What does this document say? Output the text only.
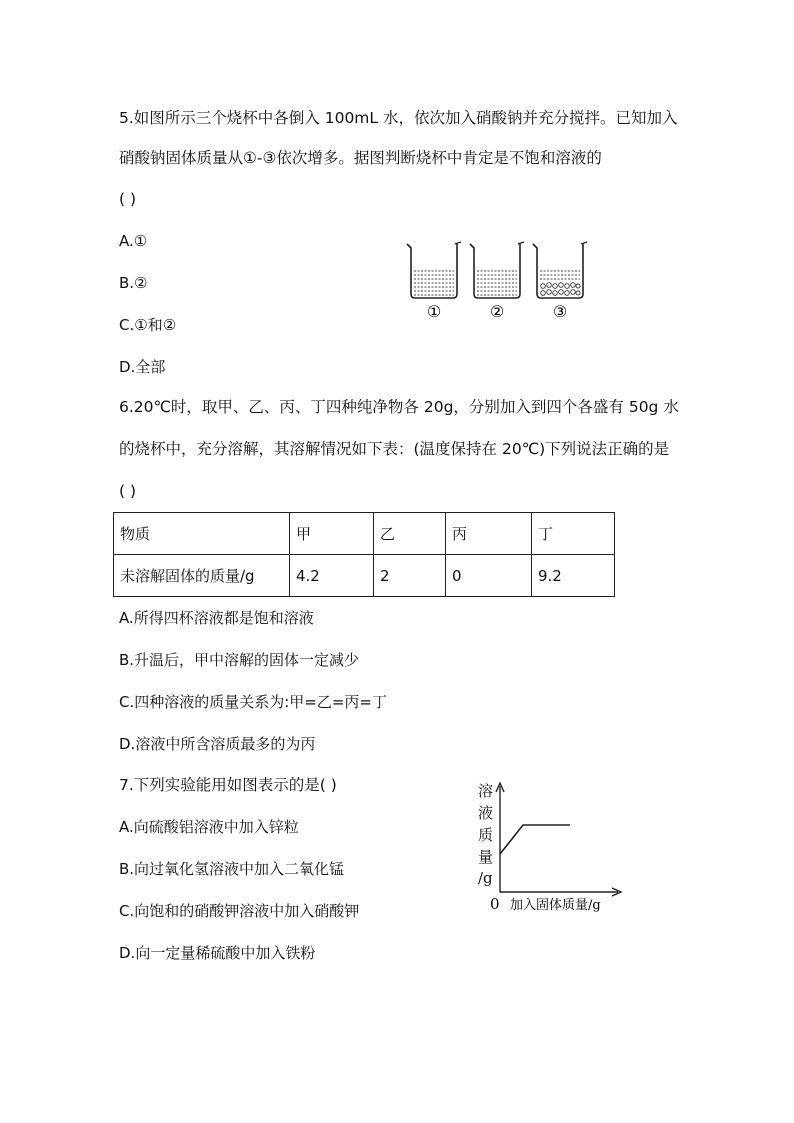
5.如图所示三个烧杯中各倒入 100mL 水，依次加入硝酸钠并充分搅拌。已知加入
硝酸钠固体质量从①-③依次增多。据图判断烧杯中肯定是不饱和溶液的
( )
A.①
B.②
C.①和②
D.全部
①	②	③
6.20℃时，取甲、乙、丙、丁四种纯净物各 20g，分别加入到四个各盛有 50g 水
的烧杯中，充分溶解，其溶解情况如下表：(温度保持在 20℃)下列说法正确的是
( )
物质	甲	乙	丙	丁
未溶解固体的质量/g	4.2	2	0	9.2
A.所得四杯溶液都是饱和溶液
B.升温后，甲中溶解的固体一定减少
C.四种溶液的质量关系为:甲=乙=丙=丁
D.溶液中所含溶质最多的为丙
7.下列实验能用如图表示的是( )
A.向硫酸铝溶液中加入锌粒
B.向过氧化氢溶液中加入二氧化锰
C.向饱和的硝酸钾溶液中加入硝酸钾
D.向一定量稀硫酸中加入铁粉
溶
液
质
量
/g
0 加入固体质量/g
